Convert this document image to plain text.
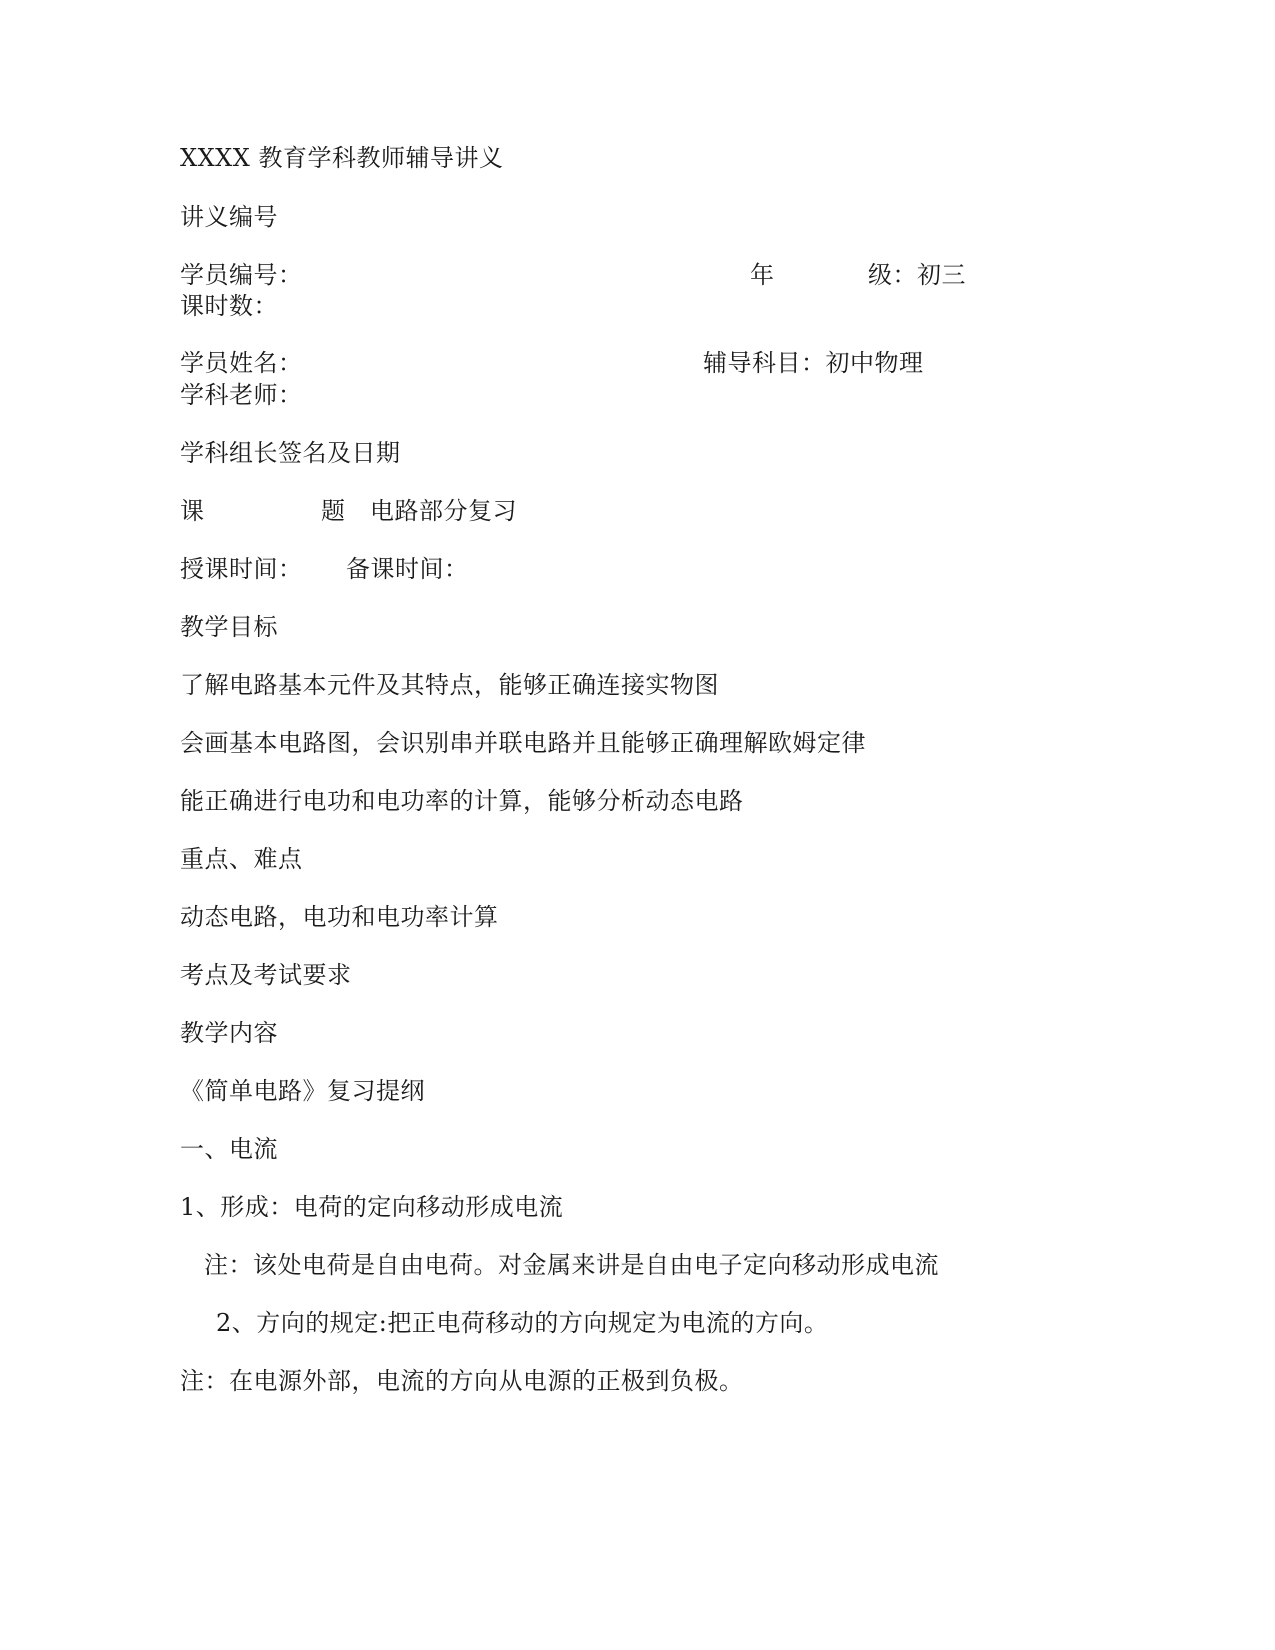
XXXX 教育学科教师辅导讲义
讲义编号
学员编号：	年	级：初三
课时数：
学员姓名：	辅导科目：初中物理
学科老师：
学科组长签名及日期
课	题 电路部分复习
授课时间： 备课时间：
教学目标
了解电路基本元件及其特点，能够正确连接实物图
会画基本电路图，会识别串并联电路并且能够正确理解欧姆定律
能正确进行电功和电功率的计算，能够分析动态电路
重点、难点
动态电路，电功和电功率计算
考点及考试要求
教学内容
《简单电路》复习提纲
一、电流
1、形成：电荷的定向移动形成电流
注：该处电荷是自由电荷。对金属来讲是自由电子定向移动形成电流
2、方向的规定:把正电荷移动的方向规定为电流的方向。
注：在电源外部，电流的方向从电源的正极到负极。
